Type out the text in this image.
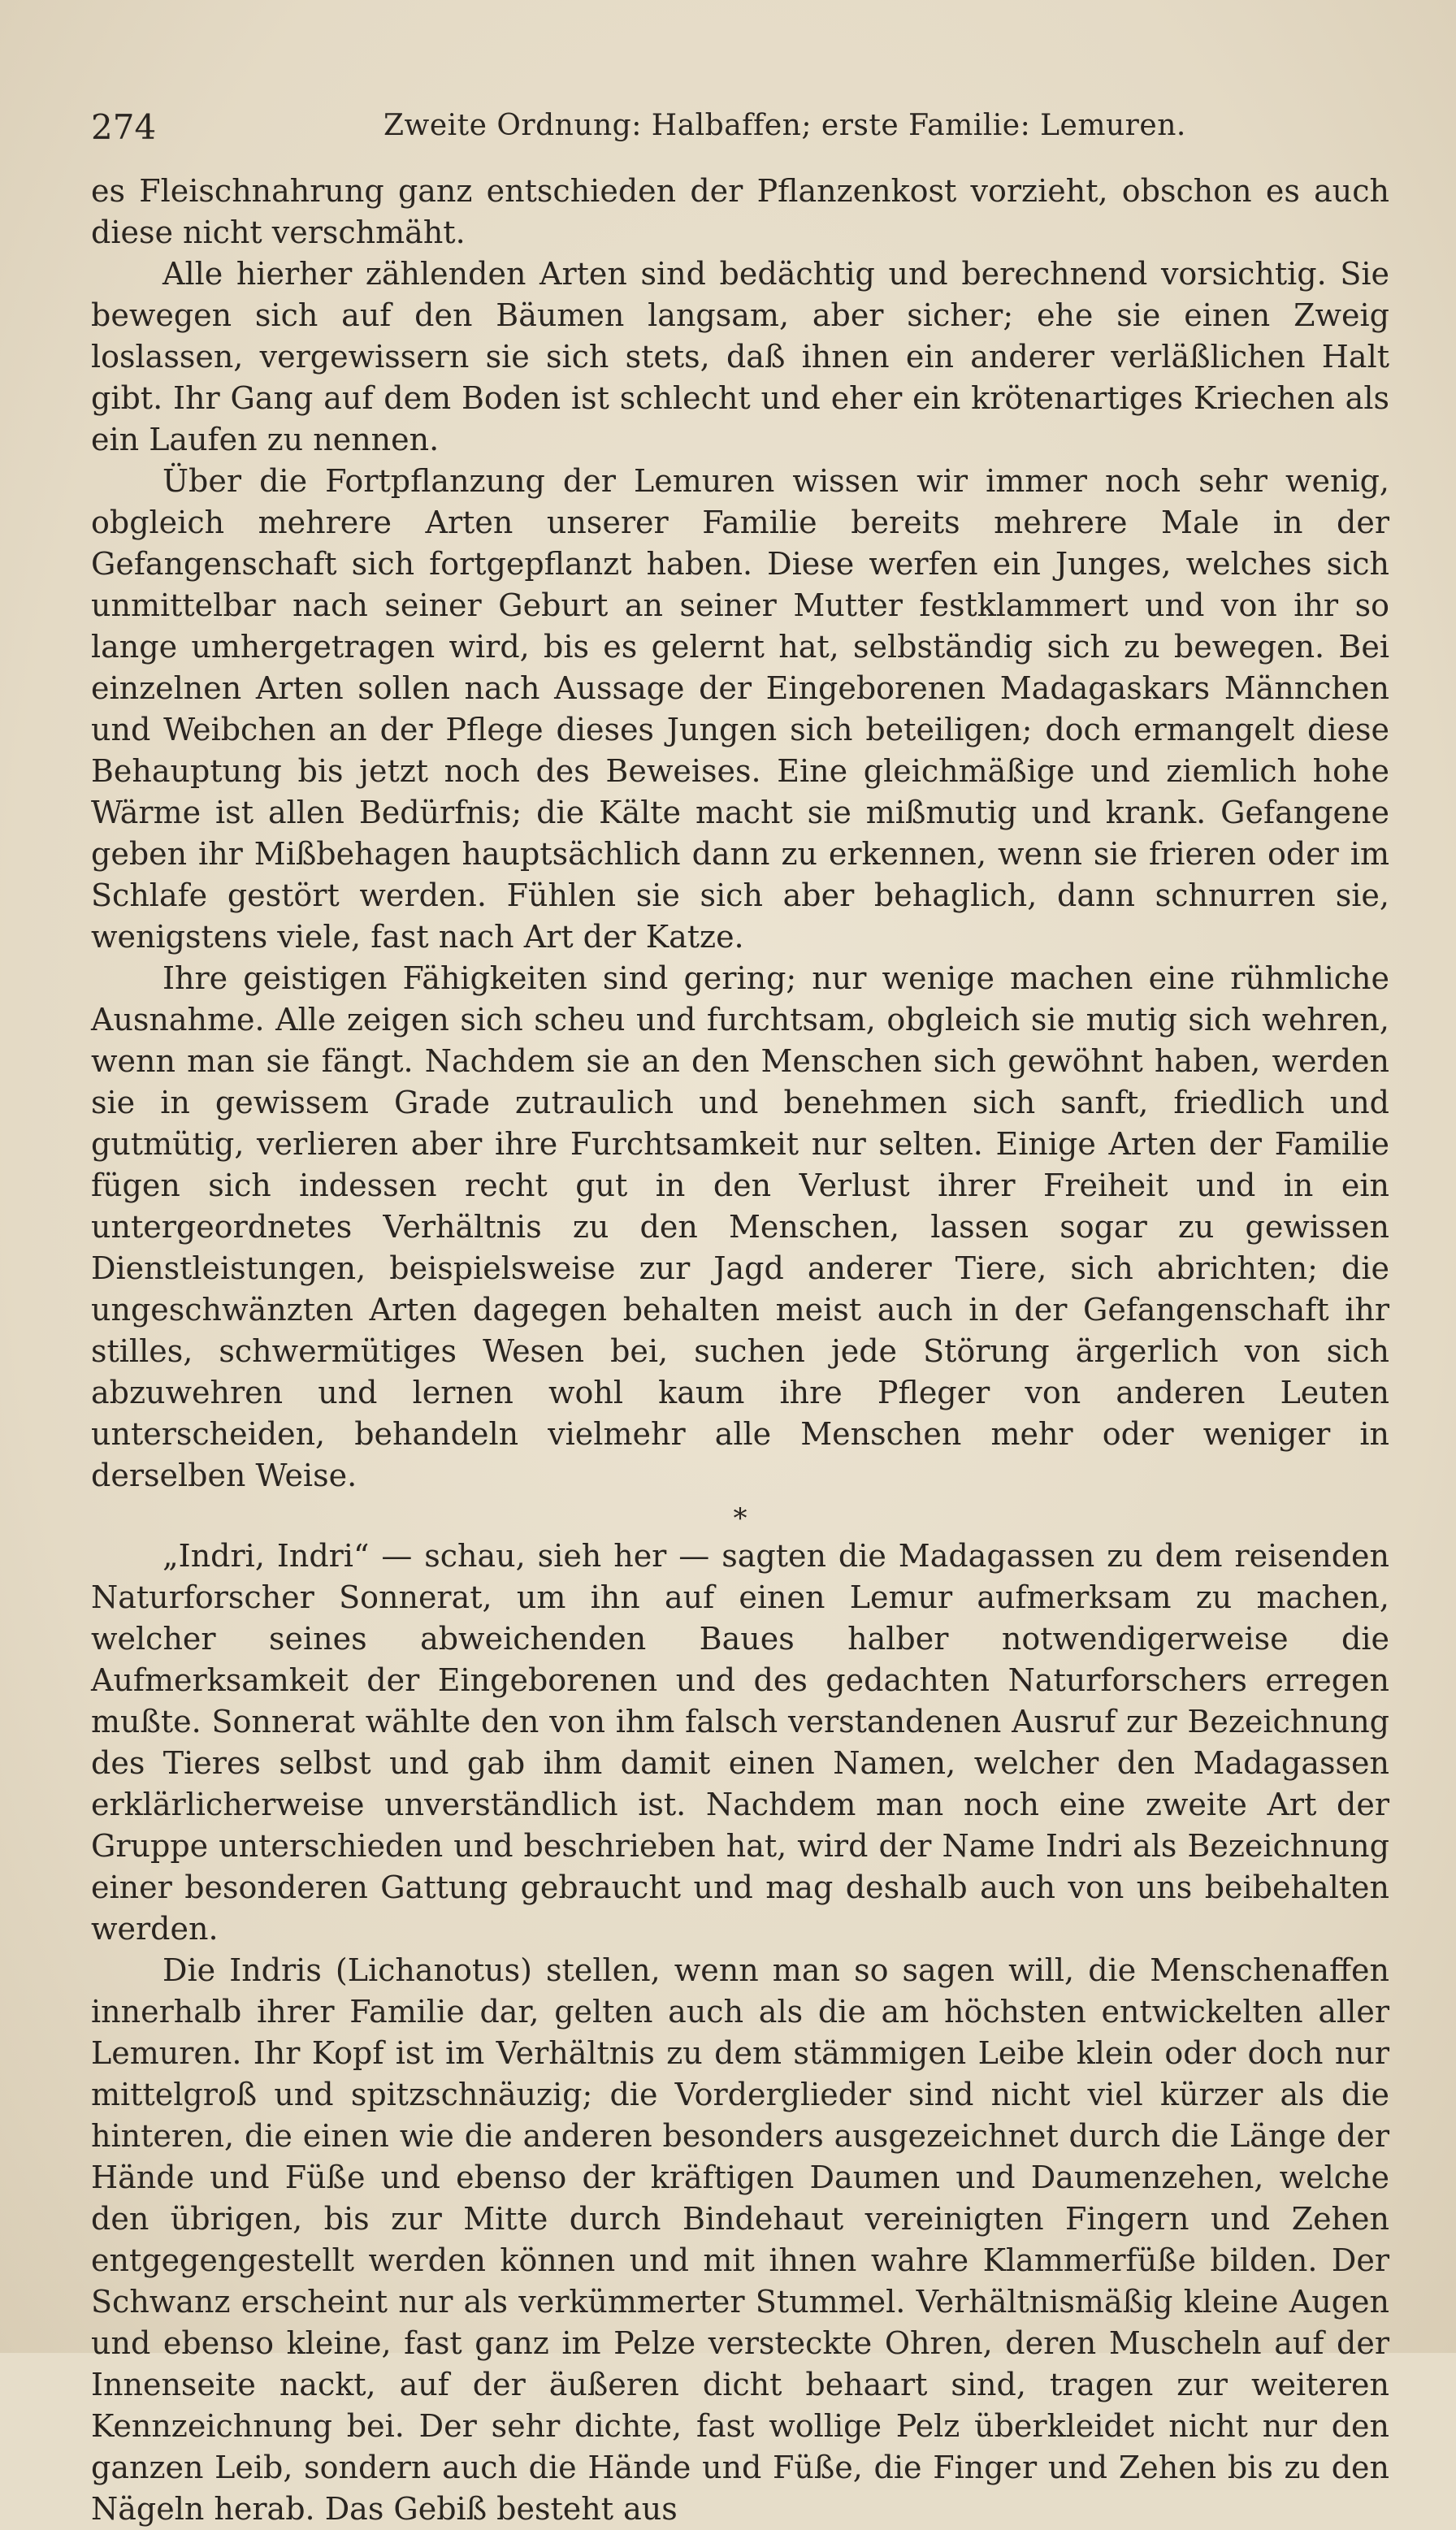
274	Zweite Ordnung: Halbaffen; erste Familie: Lemuren.

es Fleischnahrung ganz entschieden der Pflanzenkost vorzieht, obschon es auch diese nicht verschmäht.

Alle hierher zählenden Arten sind bedächtig und berechnend vorsichtig. Sie bewegen sich auf den Bäumen langsam, aber sicher; ehe sie einen Zweig loslassen, vergewissern sie sich stets, daß ihnen ein anderer verläßlichen Halt gibt. Ihr Gang auf dem Boden ist schlecht und eher ein krötenartiges Kriechen als ein Laufen zu nennen.

Über die Fortpflanzung der Lemuren wissen wir immer noch sehr wenig, obgleich mehrere Arten unserer Familie bereits mehrere Male in der Gefangenschaft sich fortgepflanzt haben. Diese werfen ein Junges, welches sich unmittelbar nach seiner Geburt an seiner Mutter festklammert und von ihr so lange umhergetragen wird, bis es gelernt hat, selbständig sich zu bewegen. Bei einzelnen Arten sollen nach Aussage der Eingeborenen Madagaskars Männchen und Weibchen an der Pflege dieses Jungen sich beteiligen; doch ermangelt diese Behauptung bis jetzt noch des Beweises. Eine gleichmäßige und ziemlich hohe Wärme ist allen Bedürfnis; die Kälte macht sie mißmutig und krank. Gefangene geben ihr Mißbehagen hauptsächlich dann zu erkennen, wenn sie frieren oder im Schlafe gestört werden. Fühlen sie sich aber behaglich, dann schnurren sie, wenigstens viele, fast nach Art der Katze.

Ihre geistigen Fähigkeiten sind gering; nur wenige machen eine rühmliche Ausnahme. Alle zeigen sich scheu und furchtsam, obgleich sie mutig sich wehren, wenn man sie fängt. Nachdem sie an den Menschen sich gewöhnt haben, werden sie in gewissem Grade zutraulich und benehmen sich sanft, friedlich und gutmütig, verlieren aber ihre Furchtsamkeit nur selten. Einige Arten der Familie fügen sich indessen recht gut in den Verlust ihrer Freiheit und in ein untergeordnetes Verhältnis zu den Menschen, lassen sogar zu gewissen Dienstleistungen, beispielsweise zur Jagd anderer Tiere, sich abrichten; die ungeschwänzten Arten dagegen behalten meist auch in der Gefangenschaft ihr stilles, schwermütiges Wesen bei, suchen jede Störung ärgerlich von sich abzuwehren und lernen wohl kaum ihre Pfleger von anderen Leuten unterscheiden, behandeln vielmehr alle Menschen mehr oder weniger in derselben Weise.

*

„Indri, Indri“ — schau, sieh her — sagten die Madagassen zu dem reisenden Naturforscher Sonnerat, um ihn auf einen Lemur aufmerksam zu machen, welcher seines abweichenden Baues halber notwendigerweise die Aufmerksamkeit der Eingeborenen und des gedachten Naturforschers erregen mußte. Sonnerat wählte den von ihm falsch verstandenen Ausruf zur Bezeichnung des Tieres selbst und gab ihm damit einen Namen, welcher den Madagassen erklärlicherweise unverständlich ist. Nachdem man noch eine zweite Art der Gruppe unterschieden und beschrieben hat, wird der Name Indri als Bezeichnung einer besonderen Gattung gebraucht und mag deshalb auch von uns beibehalten werden.

Die Indris (Lichanotus) stellen, wenn man so sagen will, die Menschenaffen innerhalb ihrer Familie dar, gelten auch als die am höchsten entwickelten aller Lemuren. Ihr Kopf ist im Verhältnis zu dem stämmigen Leibe klein oder doch nur mittelgroß und spitzschnäuzig; die Vorderglieder sind nicht viel kürzer als die hinteren, die einen wie die anderen besonders ausgezeichnet durch die Länge der Hände und Füße und ebenso der kräftigen Daumen und Daumenzehen, welche den übrigen, bis zur Mitte durch Bindehaut vereinigten Fingern und Zehen entgegengestellt werden können und mit ihnen wahre Klammerfüße bilden. Der Schwanz erscheint nur als verkümmerter Stummel. Verhältnismäßig kleine Augen und ebenso kleine, fast ganz im Pelze versteckte Ohren, deren Muscheln auf der Innenseite nackt, auf der äußeren dicht behaart sind, tragen zur weiteren Kennzeichnung bei. Der sehr dichte, fast wollige Pelz überkleidet nicht nur den ganzen Leib, sondern auch die Hände und Füße, die Finger und Zehen bis zu den Nägeln herab. Das Gebiß besteht aus
